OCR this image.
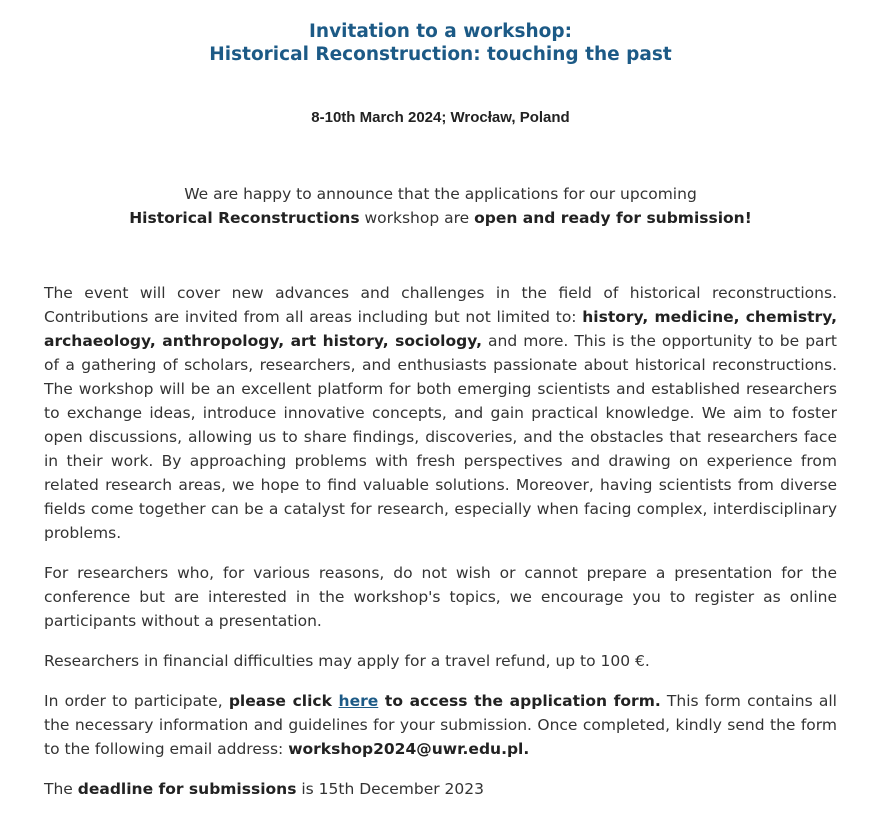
Invitation to a workshop:
Historical Reconstruction: touching the past
8-10th March 2024; Wrocław, Poland
We are happy to announce that the applications for our upcoming
Historical Reconstructions workshop are open and ready for submission!

The event will cover new advances and challenges in the field of historical reconstructions. Contributions are invited from all areas including but not limited to: history, medicine, chemistry, archaeology, anthropology, art history, sociology, and more. This is the opportunity to be part of a gathering of scholars, researchers, and enthusiasts passionate about historical reconstructions. The workshop will be an excellent platform for both emerging scientists and established researchers to exchange ideas, introduce innovative concepts, and gain practical knowledge. We aim to foster open discussions, allowing us to share findings, discoveries, and the obstacles that researchers face in their work. By approaching problems with fresh perspectives and drawing on experience from related research areas, we hope to find valuable solutions. Moreover, having scientists from diverse fields come together can be a catalyst for research, especially when facing complex, interdisciplinary problems.

For researchers who, for various reasons, do not wish or cannot prepare a presentation for the conference but are interested in the workshop's topics, we encourage you to register as online participants without a presentation.

Researchers in financial difficulties may apply for a travel refund, up to 100 €.

In order to participate, please click here to access the application form. This form contains all the necessary information and guidelines for your submission. Once completed, kindly send the form to the following email address: workshop2024@uwr.edu.pl.

The deadline for submissions is 15th December 2023
